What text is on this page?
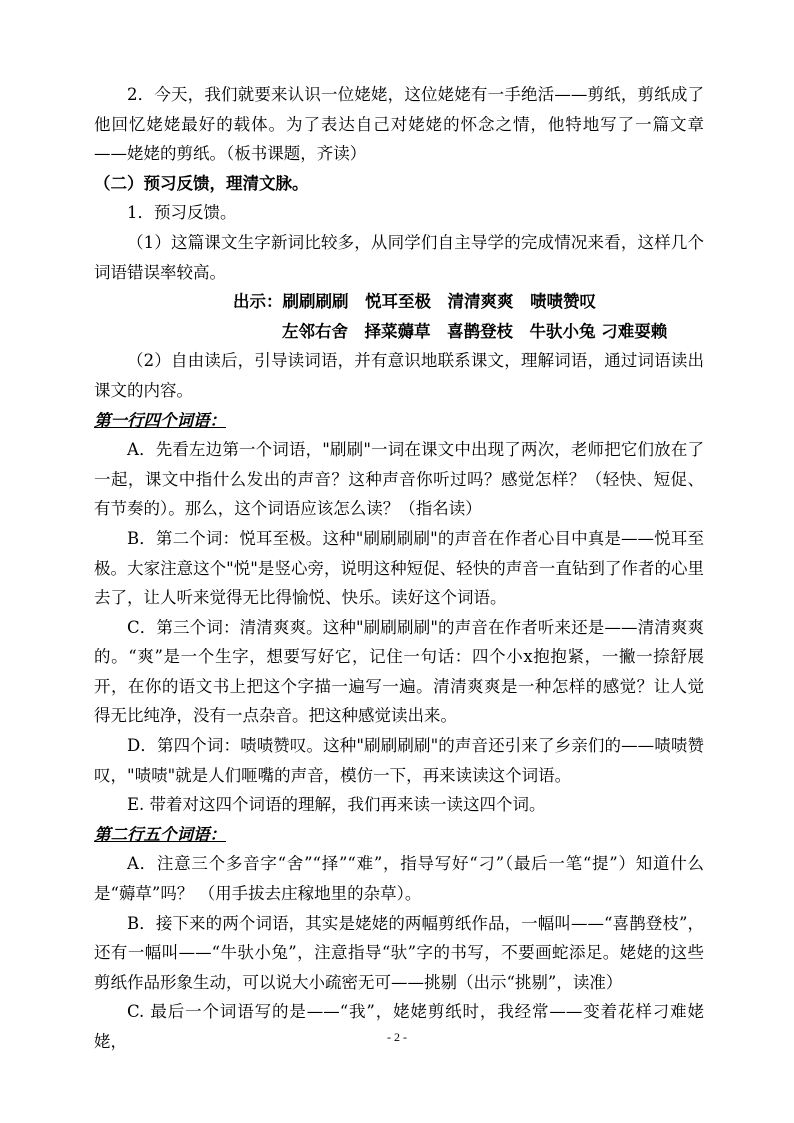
2．今天，我们就要来认识一位姥姥，这位姥姥有一手绝活——剪纸，剪纸成了他回忆姥姥最好的载体。为了表达自己对姥姥的怀念之情，他特地写了一篇文章——姥姥的剪纸。（板书课题，齐读）

（二）预习反馈，理清文脉。

1．预习反馈。

（1）这篇课文生字新词比较多，从同学们自主导学的完成情况来看，这样几个词语错误率较高。

出示：刷刷刷刷　悦耳至极　清清爽爽　啧啧赞叹

左邻右舍　择菜薅草　喜鹊登枝　牛驮小兔 刁难耍赖

（2）自由读后，引导读词语，并有意识地联系课文，理解词语，通过词语读出课文的内容。

第一行四个词语：

A．先看左边第一个词语，"刷刷"一词在课文中出现了两次，老师把它们放在了一起，课文中指什么发出的声音？这种声音你听过吗？感觉怎样？（轻快、短促、有节奏的）。那么，这个词语应该怎么读？（指名读）

B．第二个词：悦耳至极。这种"刷刷刷刷"的声音在作者心目中真是——悦耳至极。大家注意这个"悦"是竖心旁，说明这种短促、轻快的声音一直钻到了作者的心里去了，让人听来觉得无比得愉悦、快乐。读好这个词语。

C．第三个词：清清爽爽。这种"刷刷刷刷"的声音在作者听来还是——清清爽爽的。“爽”是一个生字，想要写好它，记住一句话：四个小x抱抱紧，一撇一捺舒展开，在你的语文书上把这个字描一遍写一遍。清清爽爽是一种怎样的感觉？让人觉得无比纯净，没有一点杂音。把这种感觉读出来。

D．第四个词：啧啧赞叹。这种"刷刷刷刷"的声音还引来了乡亲们的——啧啧赞叹，"啧啧"就是人们咂嘴的声音，模仿一下，再来读读这个词语。

E. 带着对这四个词语的理解，我们再来读一读这四个词。

第二行五个词语：

A．注意三个多音字“舍”“择”“难”，指导写好“刁”（最后一笔“提”）知道什么是“薅草”吗？ （用手拔去庄稼地里的杂草）。

B．接下来的两个词语，其实是姥姥的两幅剪纸作品，一幅叫——“喜鹊登枝”，还有一幅叫——“牛驮小兔”，注意指导“驮”字的书写，不要画蛇添足。姥姥的这些剪纸作品形象生动，可以说大小疏密无可——挑剔（出示“挑剔”，读准）

C. 最后一个词语写的是——“我”，姥姥剪纸时，我经常——变着花样刁难姥姥，	- 2 -
